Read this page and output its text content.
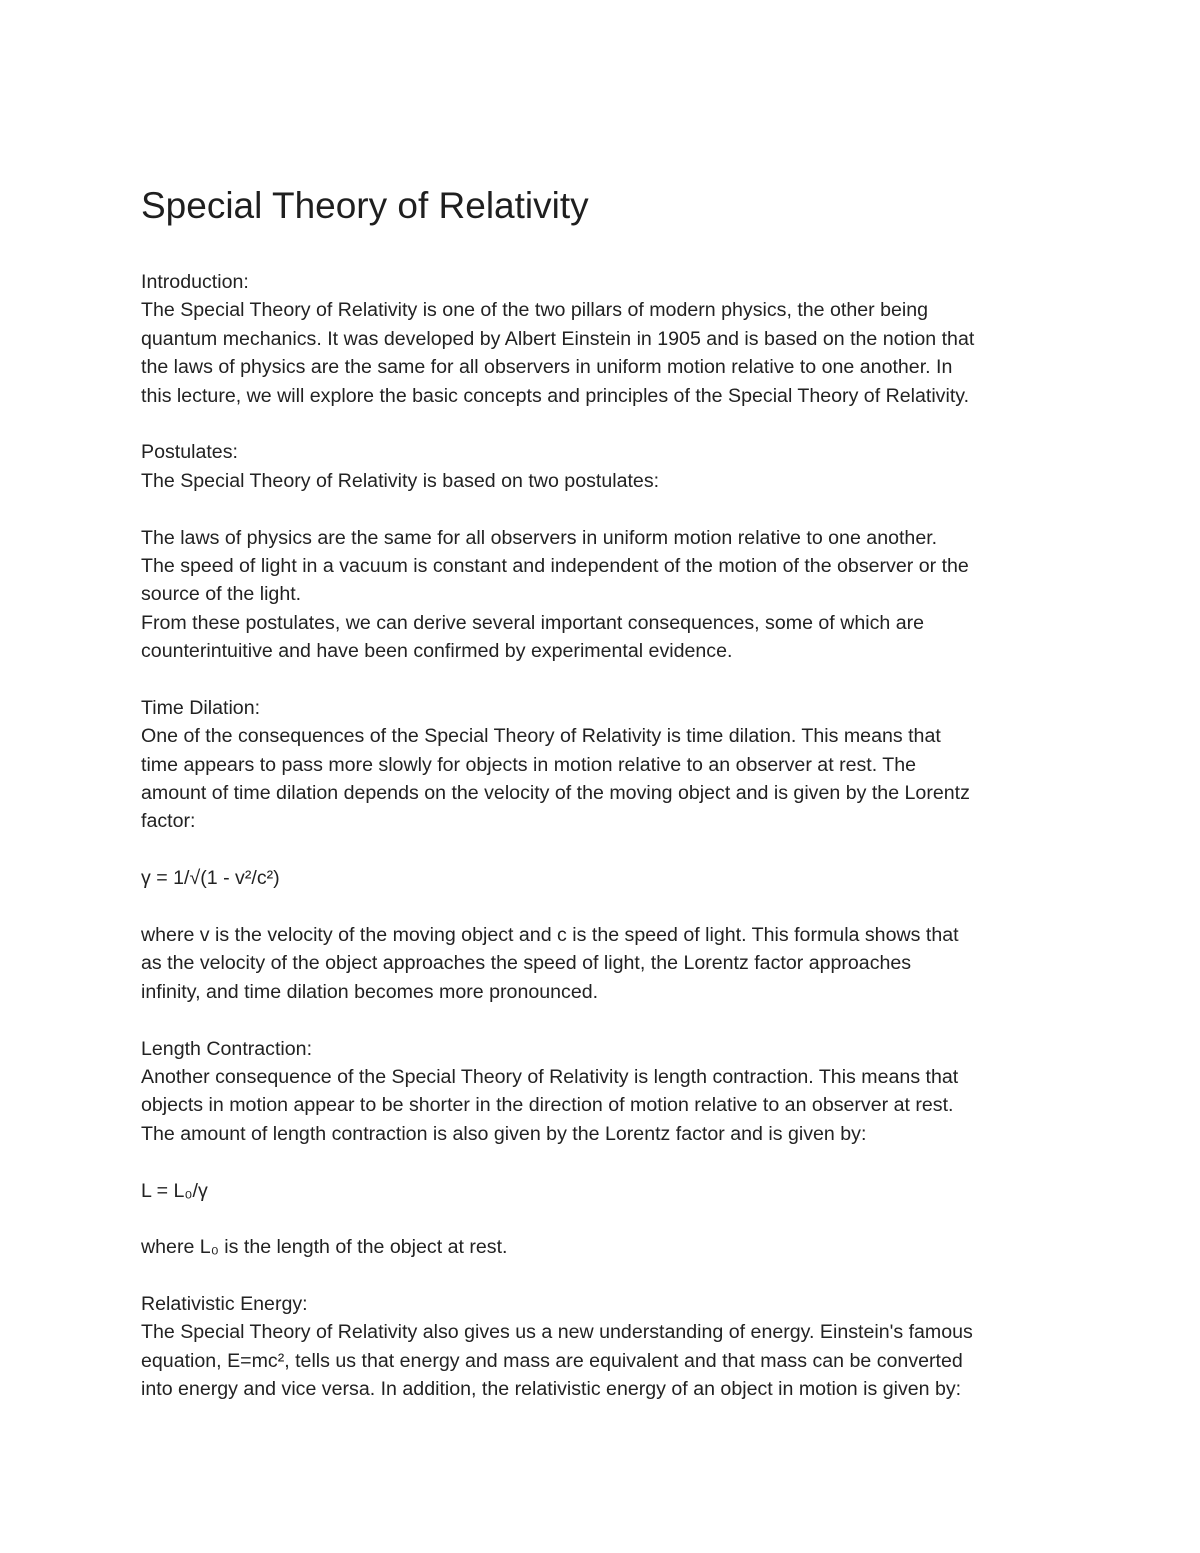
Special Theory of Relativity
Introduction:
The Special Theory of Relativity is one of the two pillars of modern physics, the other being
quantum mechanics. It was developed by Albert Einstein in 1905 and is based on the notion that
the laws of physics are the same for all observers in uniform motion relative to one another. In
this lecture, we will explore the basic concepts and principles of the Special Theory of Relativity.
Postulates:
The Special Theory of Relativity is based on two postulates:
The laws of physics are the same for all observers in uniform motion relative to one another.
The speed of light in a vacuum is constant and independent of the motion of the observer or the
source of the light.
From these postulates, we can derive several important consequences, some of which are
counterintuitive and have been confirmed by experimental evidence.
Time Dilation:
One of the consequences of the Special Theory of Relativity is time dilation. This means that
time appears to pass more slowly for objects in motion relative to an observer at rest. The
amount of time dilation depends on the velocity of the moving object and is given by the Lorentz
factor:
γ = 1/√(1 - v²/c²)
where v is the velocity of the moving object and c is the speed of light. This formula shows that
as the velocity of the object approaches the speed of light, the Lorentz factor approaches
infinity, and time dilation becomes more pronounced.
Length Contraction:
Another consequence of the Special Theory of Relativity is length contraction. This means that
objects in motion appear to be shorter in the direction of motion relative to an observer at rest.
The amount of length contraction is also given by the Lorentz factor and is given by:
L = L₀/γ
where L₀ is the length of the object at rest.
Relativistic Energy:
The Special Theory of Relativity also gives us a new understanding of energy. Einstein's famous
equation, E=mc², tells us that energy and mass are equivalent and that mass can be converted
into energy and vice versa. In addition, the relativistic energy of an object in motion is given by:
